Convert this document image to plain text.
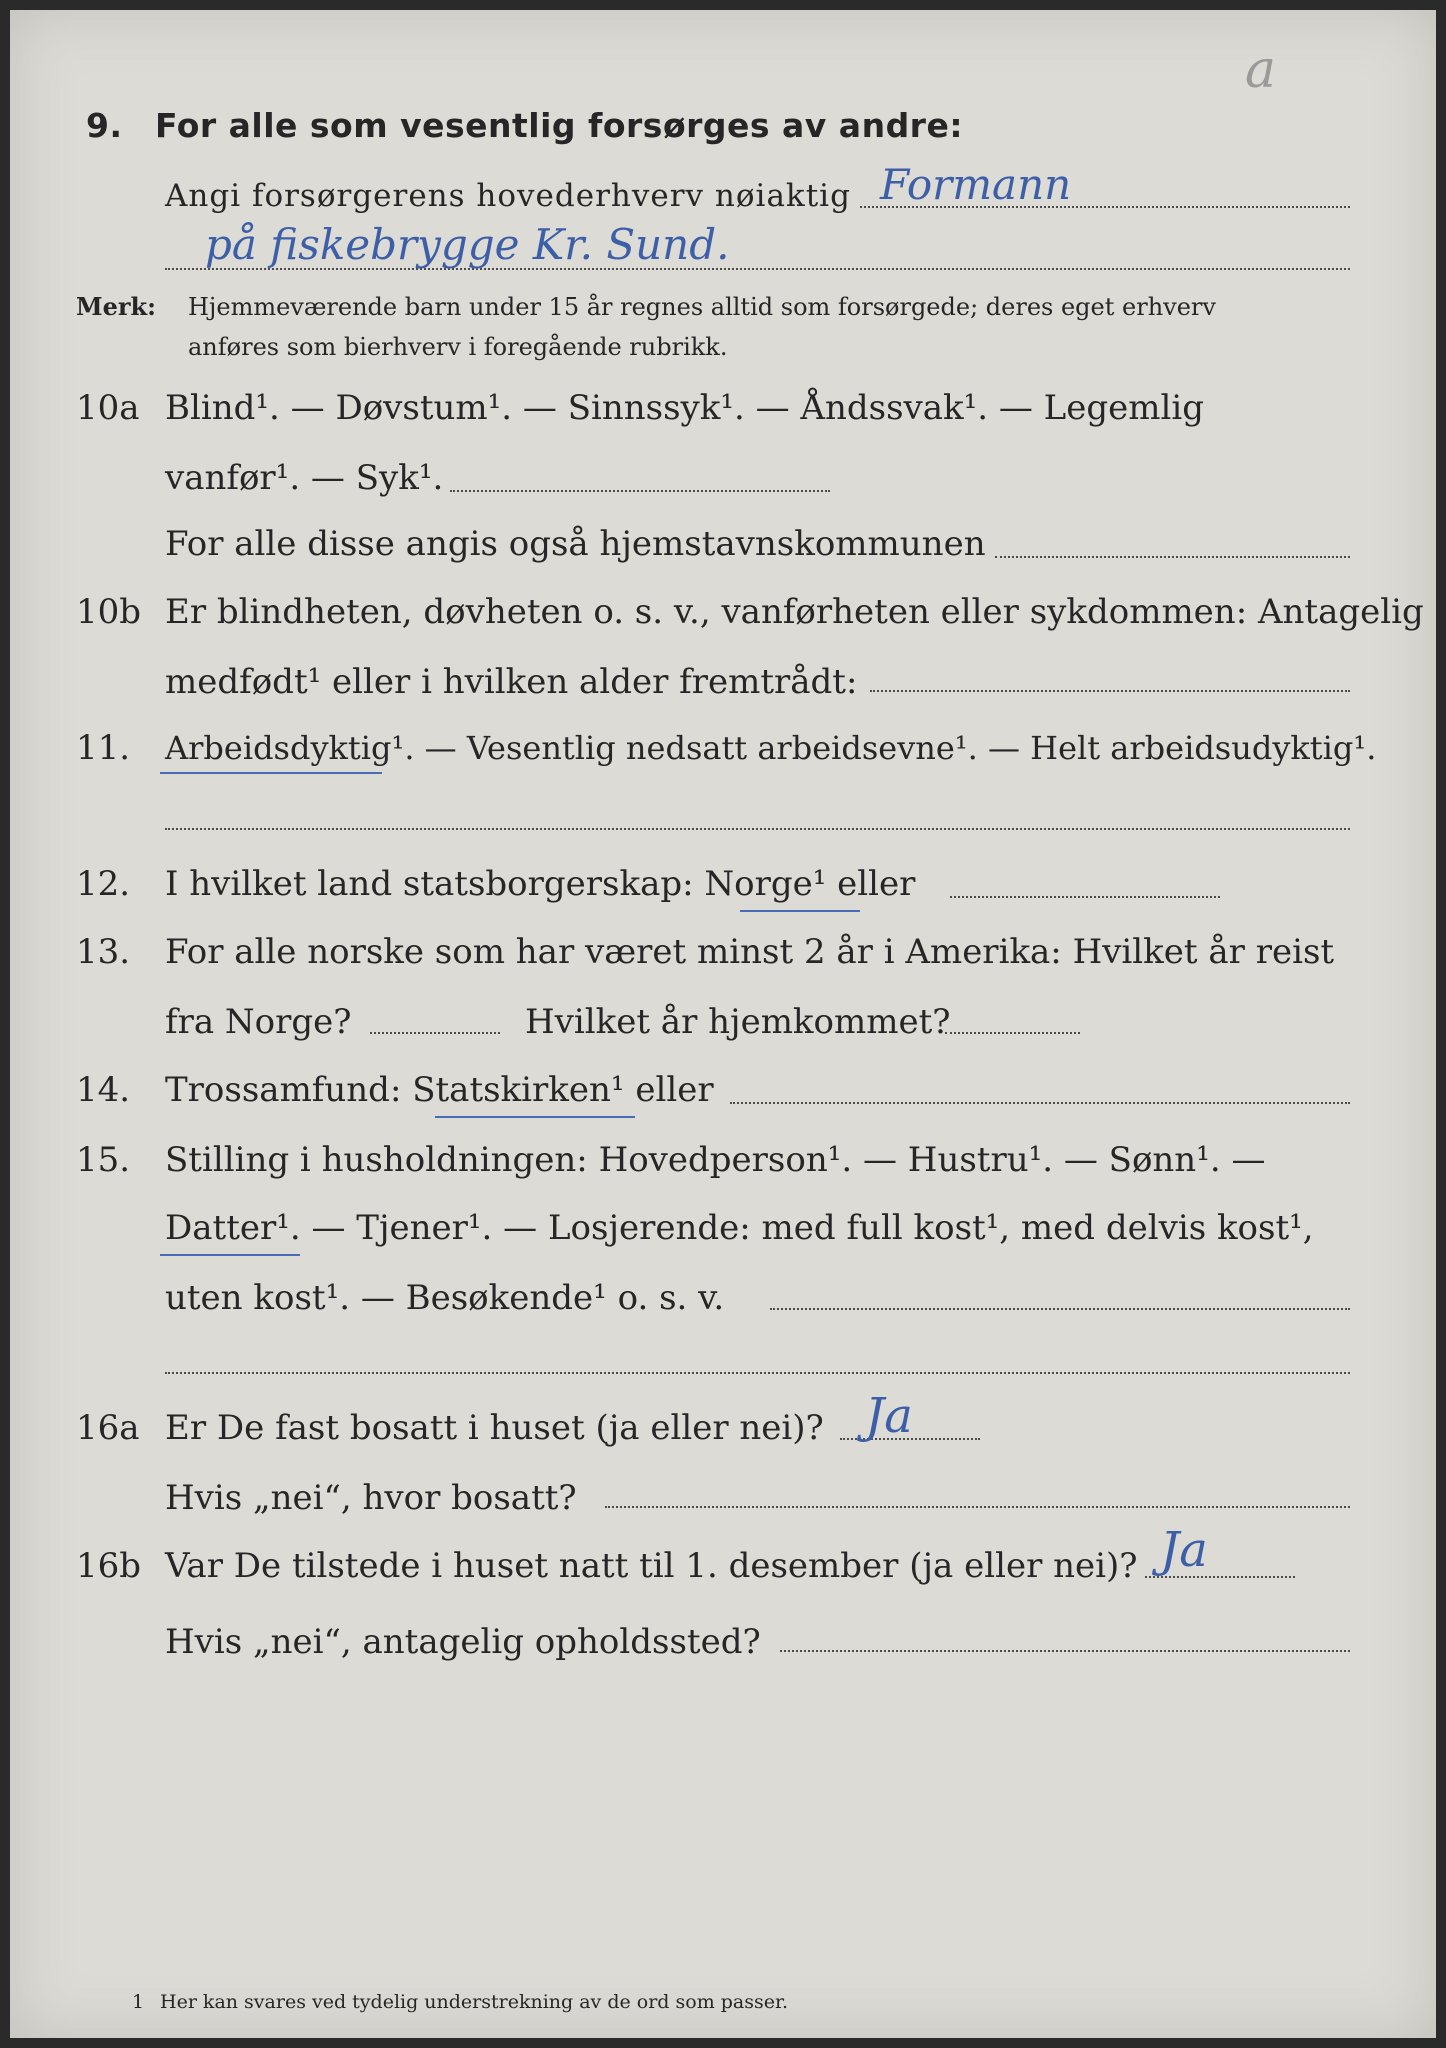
a
9. For alle som vesentlig forsørges av andre:
Angi forsørgerens hovederhverv nøiaktig Formann
på fiskebrygge Kr. Sund.
Merk: Hjemmeværende barn under 15 år regnes alltid som forsørgede; deres eget erhverv
anføres som bierhverv i foregående rubrikk.
10a Blind¹. — Døvstum¹. — Sinnssyk¹. — Åndssvak¹. — Legemlig
vanfør¹. — Syk¹.
For alle disse angis også hjemstavnskommunen
10b Er blindheten, døvheten o. s. v., vanførheten eller sykdommen: Antagelig
medfødt¹ eller i hvilken alder fremtrådt:
11. Arbeidsdyktig¹. — Vesentlig nedsatt arbeidsevne¹. — Helt arbeidsudyktig¹.
12. I hvilket land statsborgerskap: Norge¹ eller
13. For alle norske som har været minst 2 år i Amerika: Hvilket år reist
fra Norge?	Hvilket år hjemkommet?
14. Trossamfund: Statskirken¹ eller
15. Stilling i husholdningen: Hovedperson¹. — Hustru¹. — Sønn¹. —
Datter¹. — Tjener¹. — Losjerende: med full kost¹, med delvis kost¹,
uten kost¹. — Besøkende¹ o. s. v.
16a Er De fast bosatt i huset (ja eller nei)? Ja
Hvis „nei“, hvor bosatt?
16b Var De tilstede i huset natt til 1. desember (ja eller nei)? Ja
Hvis „nei“, antagelig opholdssted?
1 Her kan svares ved tydelig understrekning av de ord som passer.
